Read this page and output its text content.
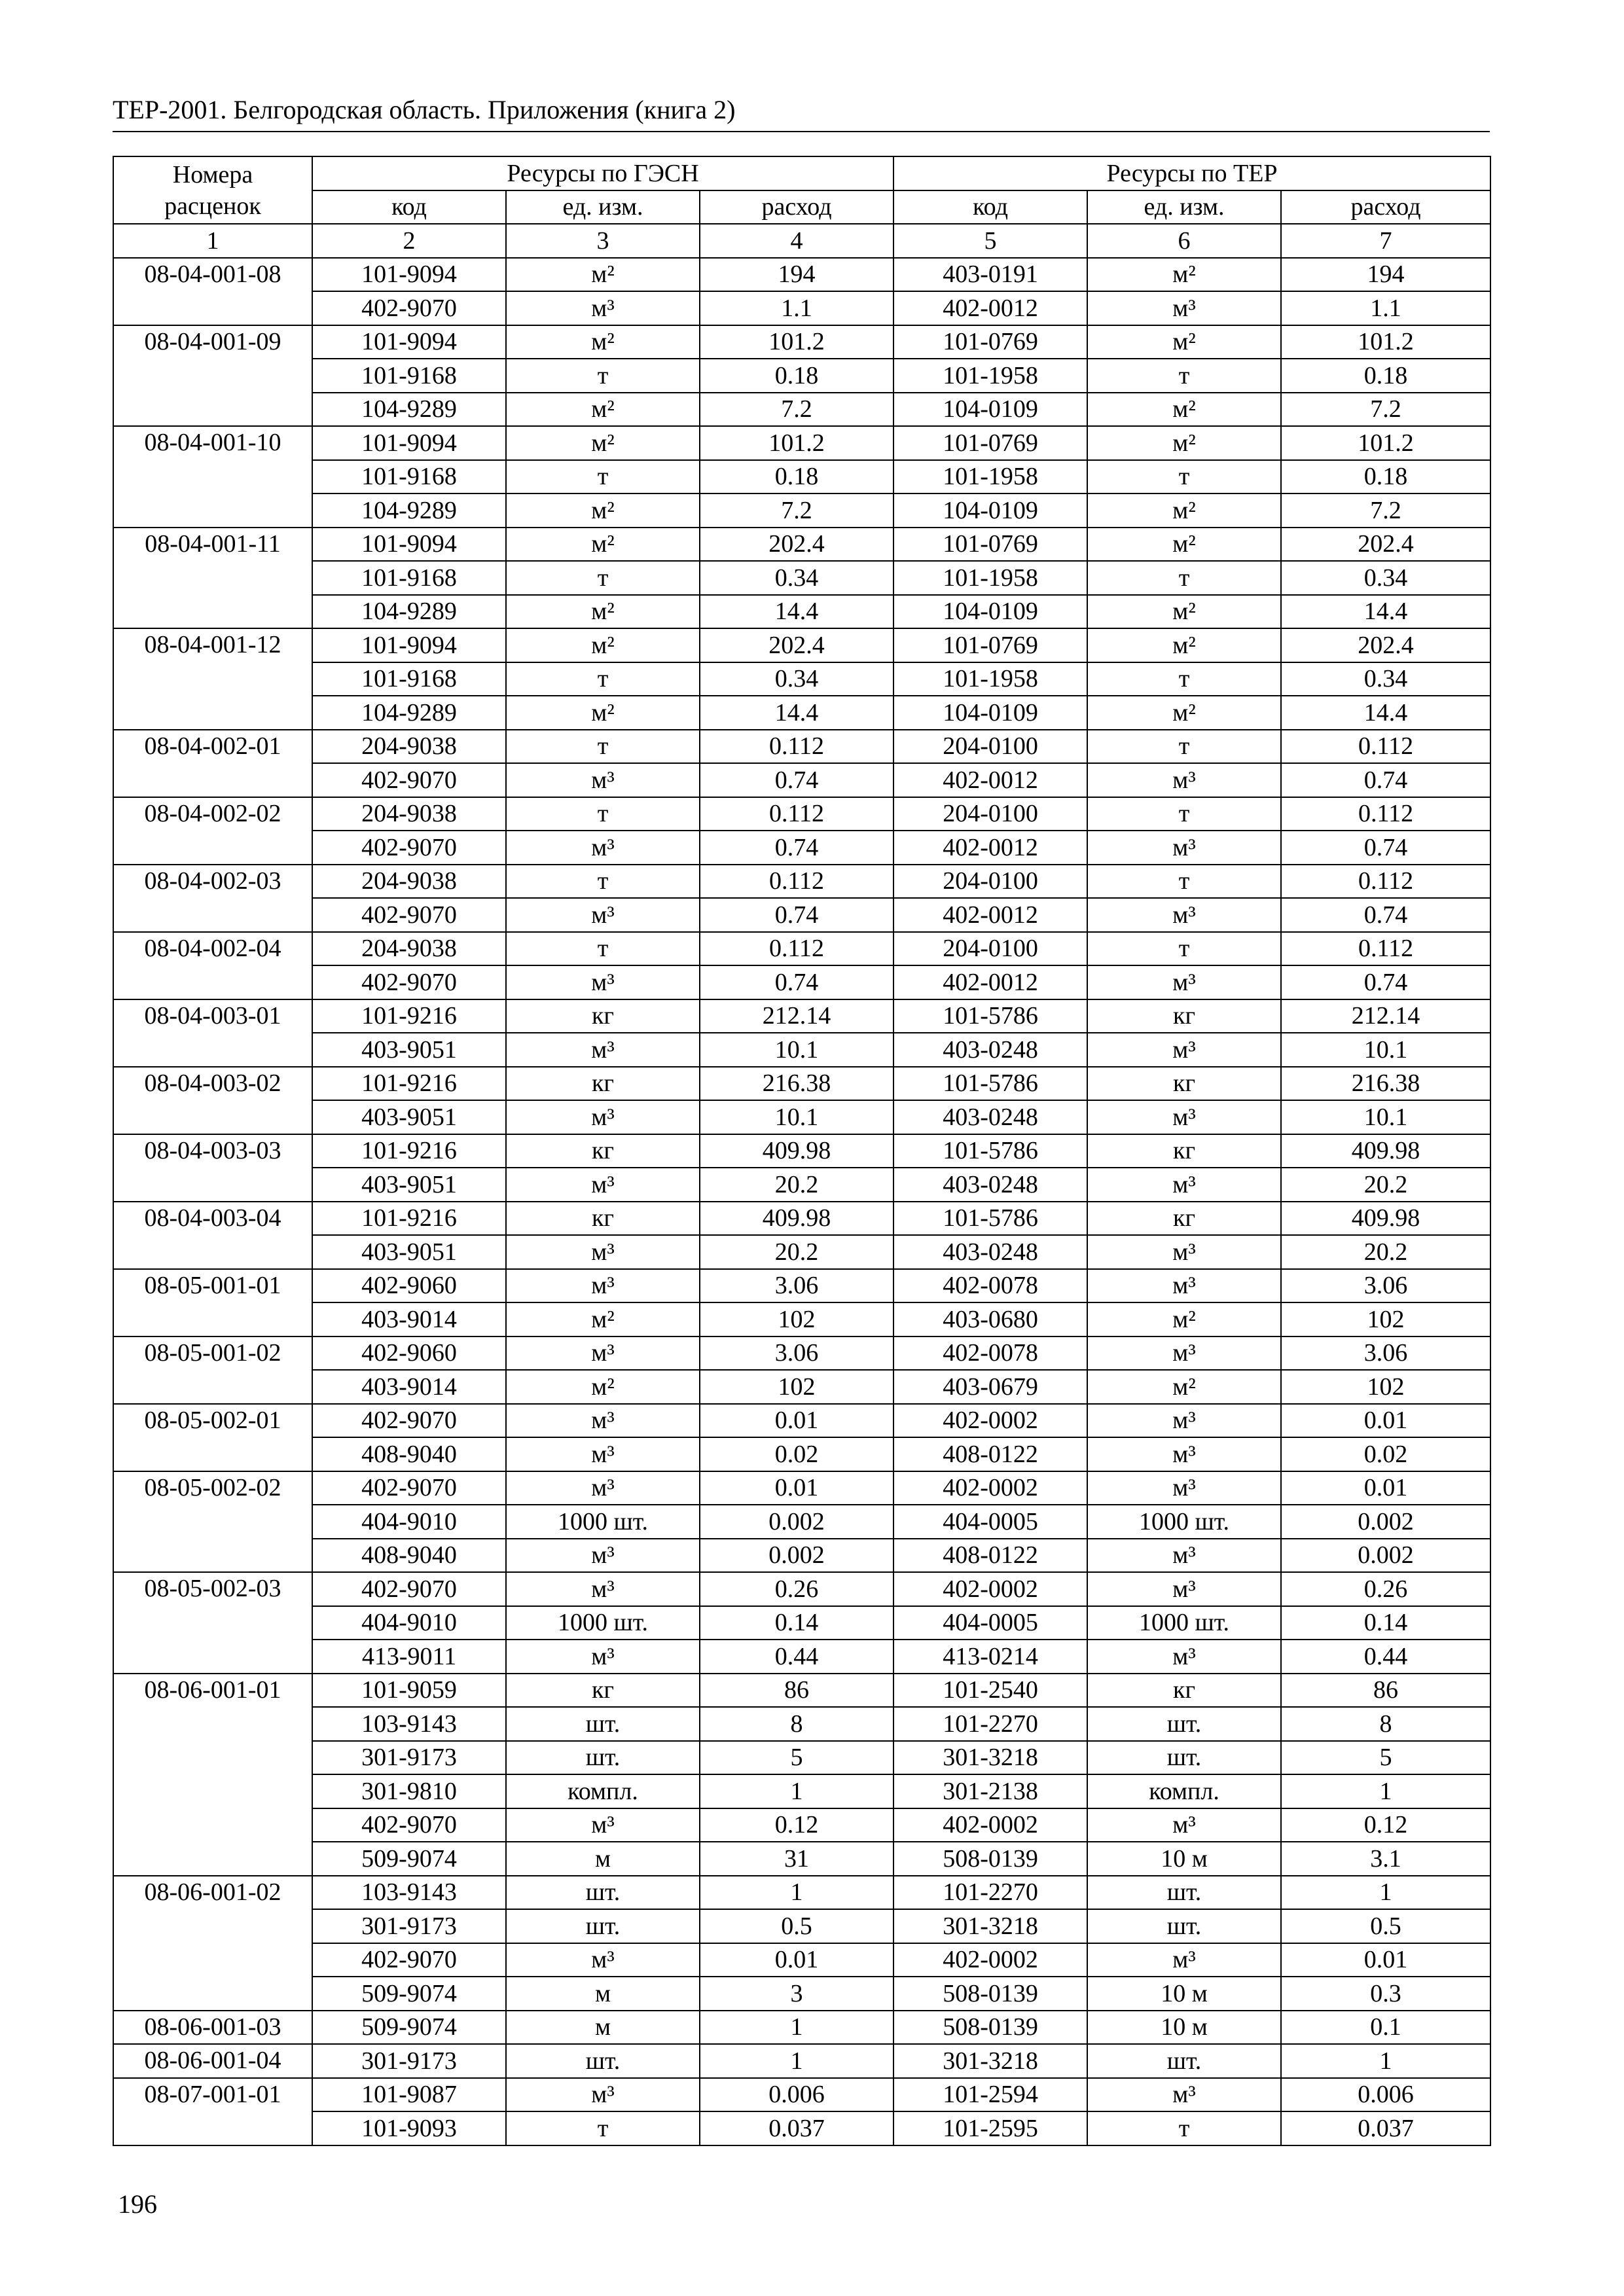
ТЕР-2001. Белгородская область. Приложения (книга 2)
Номера расценок	Ресурсы по ГЭСН			Ресурсы по ТЕР		
	код	ед. изм.	расход	код	ед. изм.	расход
1	2	3	4	5	6	7
08-04-001-08	101-9094	м²	194	403-0191	м²	194
	402-9070	м³	1.1	402-0012	м³	1.1
08-04-001-09	101-9094	м²	101.2	101-0769	м²	101.2
	101-9168	т	0.18	101-1958	т	0.18
	104-9289	м²	7.2	104-0109	м²	7.2
08-04-001-10	101-9094	м²	101.2	101-0769	м²	101.2
	101-9168	т	0.18	101-1958	т	0.18
	104-9289	м²	7.2	104-0109	м²	7.2
08-04-001-11	101-9094	м²	202.4	101-0769	м²	202.4
	101-9168	т	0.34	101-1958	т	0.34
	104-9289	м²	14.4	104-0109	м²	14.4
08-04-001-12	101-9094	м²	202.4	101-0769	м²	202.4
	101-9168	т	0.34	101-1958	т	0.34
	104-9289	м²	14.4	104-0109	м²	14.4
08-04-002-01	204-9038	т	0.112	204-0100	т	0.112
	402-9070	м³	0.74	402-0012	м³	0.74
08-04-002-02	204-9038	т	0.112	204-0100	т	0.112
	402-9070	м³	0.74	402-0012	м³	0.74
08-04-002-03	204-9038	т	0.112	204-0100	т	0.112
	402-9070	м³	0.74	402-0012	м³	0.74
08-04-002-04	204-9038	т	0.112	204-0100	т	0.112
	402-9070	м³	0.74	402-0012	м³	0.74
08-04-003-01	101-9216	кг	212.14	101-5786	кг	212.14
	403-9051	м³	10.1	403-0248	м³	10.1
08-04-003-02	101-9216	кг	216.38	101-5786	кг	216.38
	403-9051	м³	10.1	403-0248	м³	10.1
08-04-003-03	101-9216	кг	409.98	101-5786	кг	409.98
	403-9051	м³	20.2	403-0248	м³	20.2
08-04-003-04	101-9216	кг	409.98	101-5786	кг	409.98
	403-9051	м³	20.2	403-0248	м³	20.2
08-05-001-01	402-9060	м³	3.06	402-0078	м³	3.06
	403-9014	м²	102	403-0680	м²	102
08-05-001-02	402-9060	м³	3.06	402-0078	м³	3.06
	403-9014	м²	102	403-0679	м²	102
08-05-002-01	402-9070	м³	0.01	402-0002	м³	0.01
	408-9040	м³	0.02	408-0122	м³	0.02
08-05-002-02	402-9070	м³	0.01	402-0002	м³	0.01
	404-9010	1000 шт.	0.002	404-0005	1000 шт.	0.002
	408-9040	м³	0.002	408-0122	м³	0.002
08-05-002-03	402-9070	м³	0.26	402-0002	м³	0.26
	404-9010	1000 шт.	0.14	404-0005	1000 шт.	0.14
	413-9011	м³	0.44	413-0214	м³	0.44
08-06-001-01	101-9059	кг	86	101-2540	кг	86
	103-9143	шт.	8	101-2270	шт.	8
	301-9173	шт.	5	301-3218	шт.	5
	301-9810	компл.	1	301-2138	компл.	1
	402-9070	м³	0.12	402-0002	м³	0.12
	509-9074	м	31	508-0139	10 м	3.1
08-06-001-02	103-9143	шт.	1	101-2270	шт.	1
	301-9173	шт.	0.5	301-3218	шт.	0.5
	402-9070	м³	0.01	402-0002	м³	0.01
	509-9074	м	3	508-0139	10 м	0.3
08-06-001-03	509-9074	м	1	508-0139	10 м	0.1
08-06-001-04	301-9173	шт.	1	301-3218	шт.	1
08-07-001-01	101-9087	м³	0.006	101-2594	м³	0.006
	101-9093	т	0.037	101-2595	т	0.037
196
